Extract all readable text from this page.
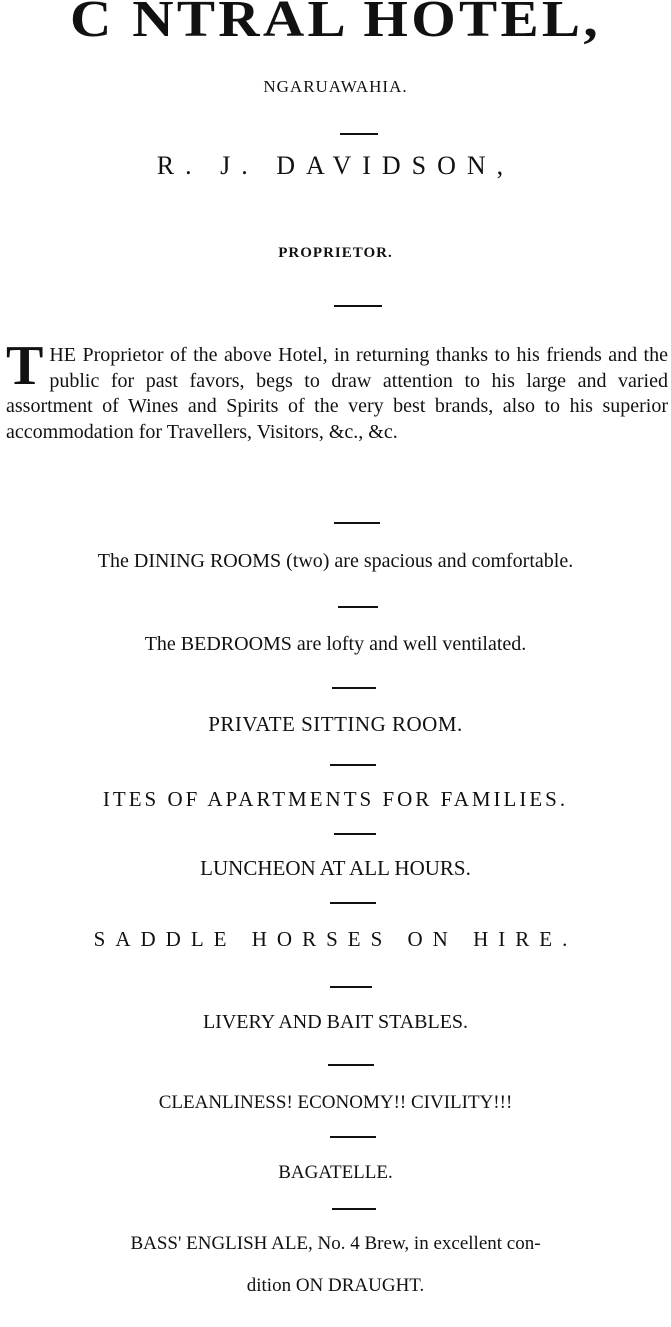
C NTRAL HOTEL,
NGARUAWAHIA.
R. J. DAVIDSON,
PROPRIETOR.
THE Proprietor of the above Hotel, in returning thanks to his friends and the public for past favors, begs to draw attention to his large and varied assortment of Wines and Spirits of the very best brands, also to his superior accommodation for Travellers, Visitors, &c., &c.
The DINING ROOMS (two) are spacious and comfortable.
The BEDROOMS are lofty and well ventilated.
PRIVATE SITTING ROOM.
ITES OF APARTMENTS FOR FAMILIES.
LUNCHEON AT ALL HOURS.
SADDLE HORSES ON HIRE.
LIVERY AND BAIT STABLES.
CLEANLINESS! ECONOMY!! CIVILITY!!!
BAGATELLE.
BASS' ENGLISH ALE, No. 4 Brew, in excellent con-
dition ON DRAUGHT.
